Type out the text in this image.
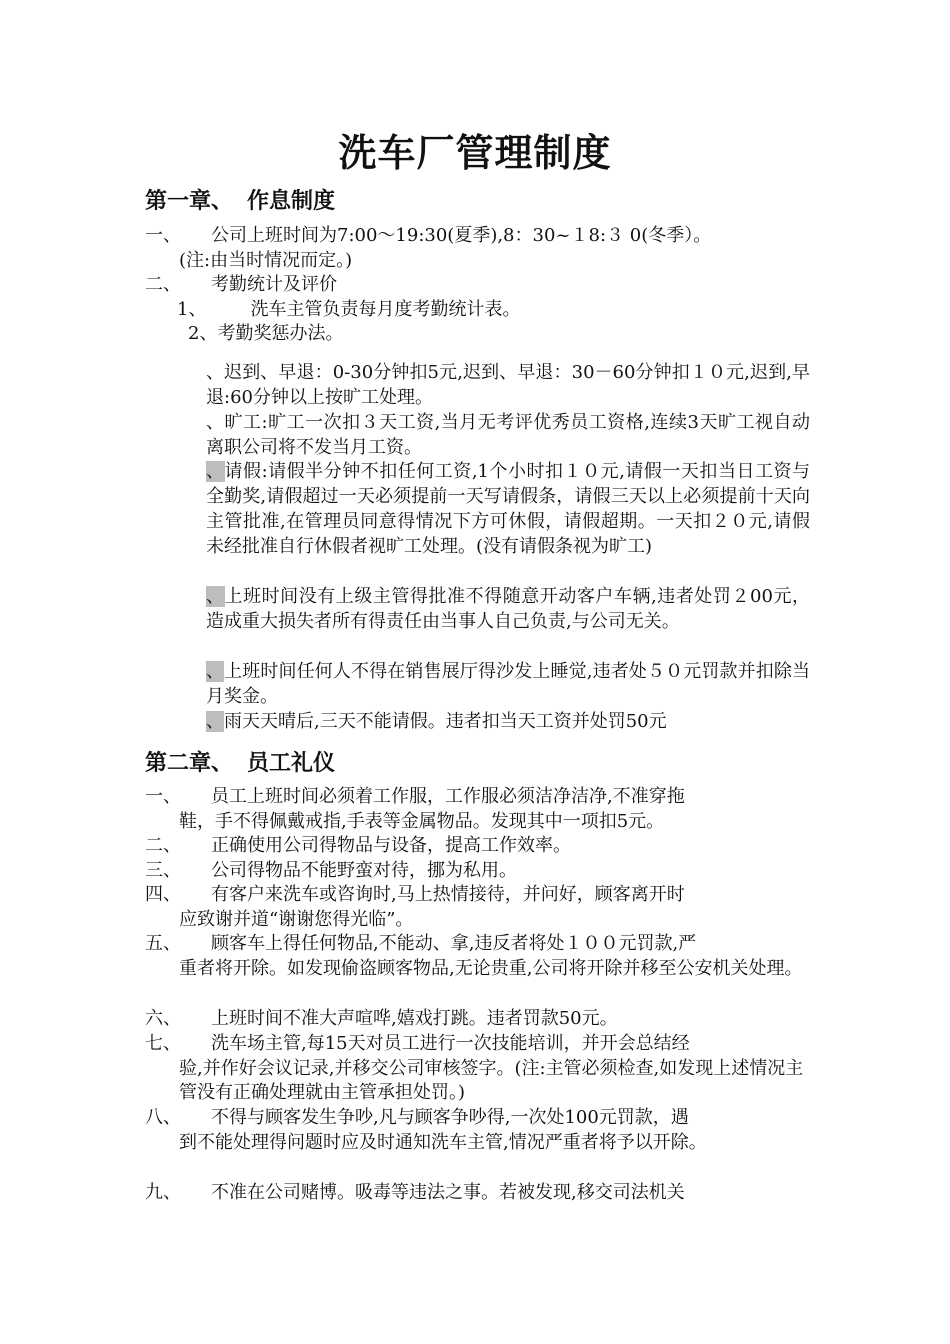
洗车厂管理制度
第一章、 作息制度
一、 公司上班时间为7:00～19:30(夏季),8：30~１8:３ 0(冬季）。
(注:由当时情况而定。)
二、 考勤统计及评价
1、 洗车主管负责每月度考勤统计表。
2、考勤奖惩办法。
、迟到、早退：0-30分钟扣5元,迟到、早退：30－60分钟扣１０元,迟到,早退:60分钟以上按旷工处理。
、旷工:旷工一次扣３天工资,当月无考评优秀员工资格,连续3天旷工视自动离职公司将不发当月工资。
、请假:请假半分钟不扣任何工资,1个小时扣１０元,请假一天扣当日工资与全勤奖,请假超过一天必须提前一天写请假条，请假三天以上必须提前十天向主管批准,在管理员同意得情况下方可休假，请假超期。一天扣２０元,请假未经批准自行休假者视旷工处理。(没有请假条视为旷工)
、上班时间没有上级主管得批准不得随意开动客户车辆,违者处罚２00元，造成重大损失者所有得责任由当事人自己负责,与公司无关。
、上班时间任何人不得在销售展厅得沙发上睡觉,违者处５０元罚款并扣除当月奖金。
、雨天天晴后,三天不能请假。违者扣当天工资并处罚50元
第二章、 员工礼仪
一、 员工上班时间必须着工作服，工作服必须洁净洁净,不准穿拖
鞋，手不得佩戴戒指,手表等金属物品。发现其中一项扣5元。
二、 正确使用公司得物品与设备，提高工作效率。
三、 公司得物品不能野蛮对待，挪为私用。
四、 有客户来洗车或咨询时,马上热情接待，并问好，顾客离开时
应致谢并道“谢谢您得光临”。
五、 顾客车上得任何物品,不能动、拿,违反者将处１００元罚款,严
重者将开除。如发现偷盗顾客物品,无论贵重,公司将开除并移至公安机关处理。
六、 上班时间不准大声喧哗,嬉戏打跳。违者罚款50元。
七、 洗车场主管,每15天对员工进行一次技能培训，并开会总结经
验,并作好会议记录,并移交公司审核签字。(注:主管必须检查,如发现上述情况主管没有正确处理就由主管承担处罚。)
八、 不得与顾客发生争吵,凡与顾客争吵得,一次处100元罚款，遇
到不能处理得问题时应及时通知洗车主管,情况严重者将予以开除。
九、 不准在公司赌博。吸毒等违法之事。若被发现,移交司法机关
